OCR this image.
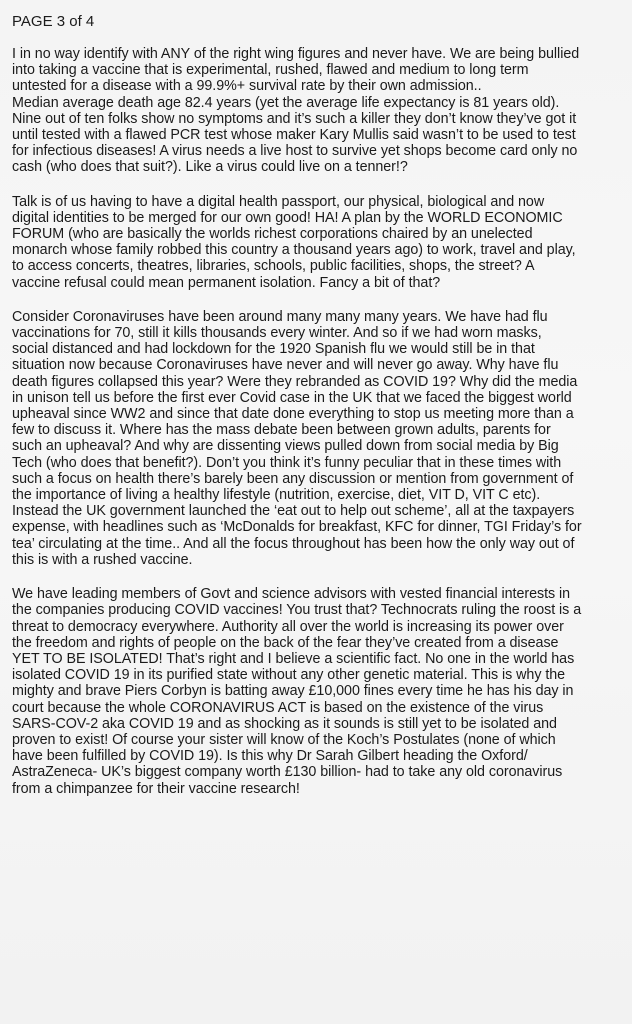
PAGE 3 of 4
I in no way identify with ANY of the right wing figures and never have. We are being bullied
into taking a vaccine that is experimental, rushed, flawed and medium to long term
untested for a disease with a 99.9%+ survival rate by their own admission..
Median average death age 82.4 years (yet the average life expectancy is 81 years old).
Nine out of ten folks show no symptoms and it’s such a killer they don’t know they’ve got it
until tested with a flawed PCR test whose maker Kary Mullis said wasn’t to be used to test
for infectious diseases! A virus needs a live host to survive yet shops become card only no
cash (who does that suit?). Like a virus could live on a tenner!?
Talk is of us having to have a digital health passport, our physical, biological and now
digital identities to be merged for our own good! HA! A plan by the WORLD ECONOMIC
FORUM (who are basically the worlds richest corporations chaired by an unelected
monarch whose family robbed this country a thousand years ago) to work, travel and play,
to access concerts, theatres, libraries, schools, public facilities, shops, the street? A
vaccine refusal could mean permanent isolation. Fancy a bit of that?
Consider Coronaviruses have been around many many many years. We have had flu
vaccinations for 70, still it kills thousands every winter. And so if we had worn masks,
social distanced and had lockdown for the 1920 Spanish flu we would still be in that
situation now because Coronaviruses have never and will never go away. Why have flu
death figures collapsed this year? Were they rebranded as COVID 19? Why did the media
in unison tell us before the first ever Covid case in the UK that we faced the biggest world
upheaval since WW2 and since that date done everything to stop us meeting more than a
few to discuss it. Where has the mass debate been between grown adults, parents for
such an upheaval? And why are dissenting views pulled down from social media by Big
Tech (who does that benefit?). Don’t you think it’s funny peculiar that in these times with
such a focus on health there’s barely been any discussion or mention from government of
the importance of living a healthy lifestyle (nutrition, exercise, diet, VIT D, VIT C etc).
Instead the UK government launched the ‘eat out to help out scheme’, all at the taxpayers
expense, with headlines such as ‘McDonalds for breakfast, KFC for dinner, TGI Friday’s for
tea’ circulating at the time.. And all the focus throughout has been how the only way out of
this is with a rushed vaccine.
We have leading members of Govt and science advisors with vested financial interests in
the companies producing COVID vaccines! You trust that? Technocrats ruling the roost is a
threat to democracy everywhere. Authority all over the world is increasing its power over
the freedom and rights of people on the back of the fear they’ve created from a disease
YET TO BE ISOLATED! That’s right and I believe a scientific fact. No one in the world has
isolated COVID 19 in its purified state without any other genetic material. This is why the
mighty and brave Piers Corbyn is batting away £10,000 fines every time he has his day in
court because the whole CORONAVIRUS ACT is based on the existence of the virus
SARS-COV-2 aka COVID 19 and as shocking as it sounds is still yet to be isolated and
proven to exist! Of course your sister will know of the Koch’s Postulates (none of which
have been fulfilled by COVID 19). Is this why Dr Sarah Gilbert heading the Oxford/
AstraZeneca- UK’s biggest company worth £130 billion- had to take any old coronavirus
from a chimpanzee for their vaccine research!
